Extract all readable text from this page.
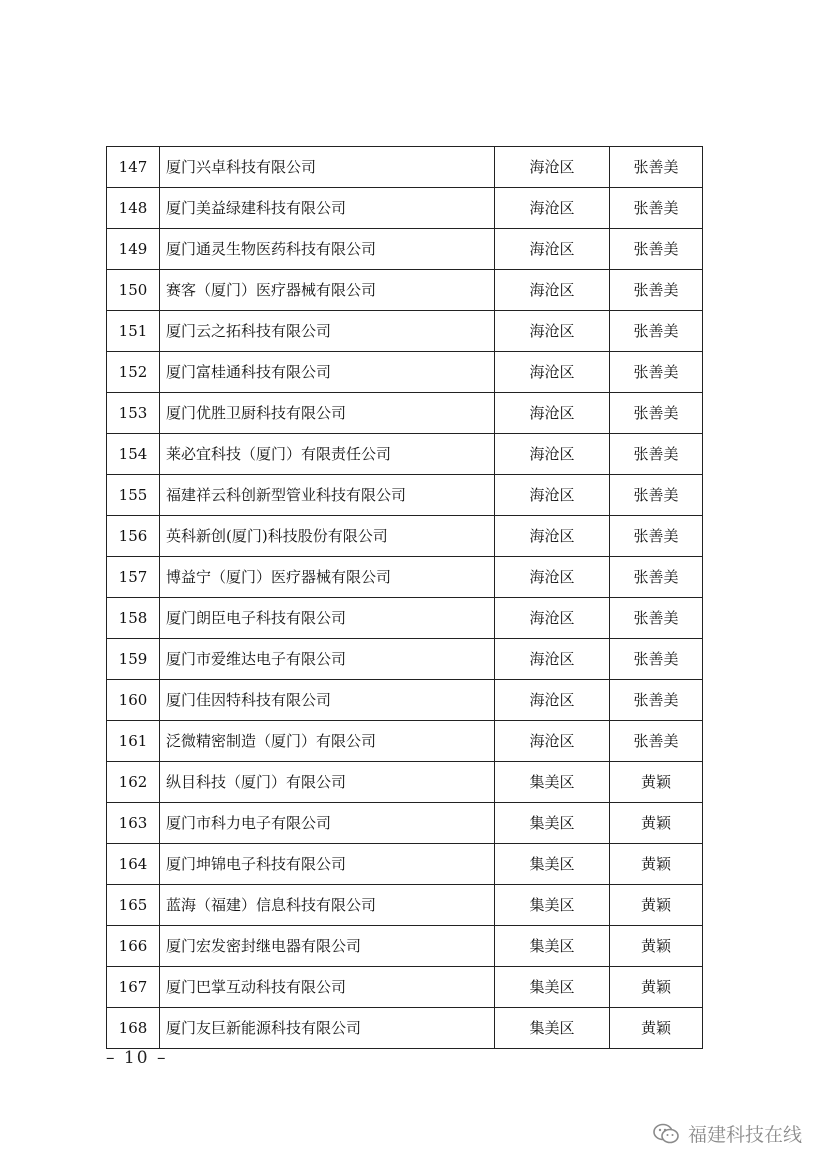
147	厦门兴卓科技有限公司	海沧区	张善美
148	厦门美益绿建科技有限公司	海沧区	张善美
149	厦门通灵生物医药科技有限公司	海沧区	张善美
150	赛客（厦门）医疗器械有限公司	海沧区	张善美
151	厦门云之拓科技有限公司	海沧区	张善美
152	厦门富桂通科技有限公司	海沧区	张善美
153	厦门优胜卫厨科技有限公司	海沧区	张善美
154	莱必宜科技（厦门）有限责任公司	海沧区	张善美
155	福建祥云科创新型管业科技有限公司	海沧区	张善美
156	英科新创(厦门)科技股份有限公司	海沧区	张善美
157	博益宁（厦门）医疗器械有限公司	海沧区	张善美
158	厦门朗臣电子科技有限公司	海沧区	张善美
159	厦门市爱维达电子有限公司	海沧区	张善美
160	厦门佳因特科技有限公司	海沧区	张善美
161	泛微精密制造（厦门）有限公司	海沧区	张善美
162	纵目科技（厦门）有限公司	集美区	黄颖
163	厦门市科力电子有限公司	集美区	黄颖
164	厦门坤锦电子科技有限公司	集美区	黄颖
165	蓝海（福建）信息科技有限公司	集美区	黄颖
166	厦门宏发密封继电器有限公司	集美区	黄颖
167	厦门巴掌互动科技有限公司	集美区	黄颖
168	厦门友巨新能源科技有限公司	集美区	黄颖
– 10 –
福建科技在线
